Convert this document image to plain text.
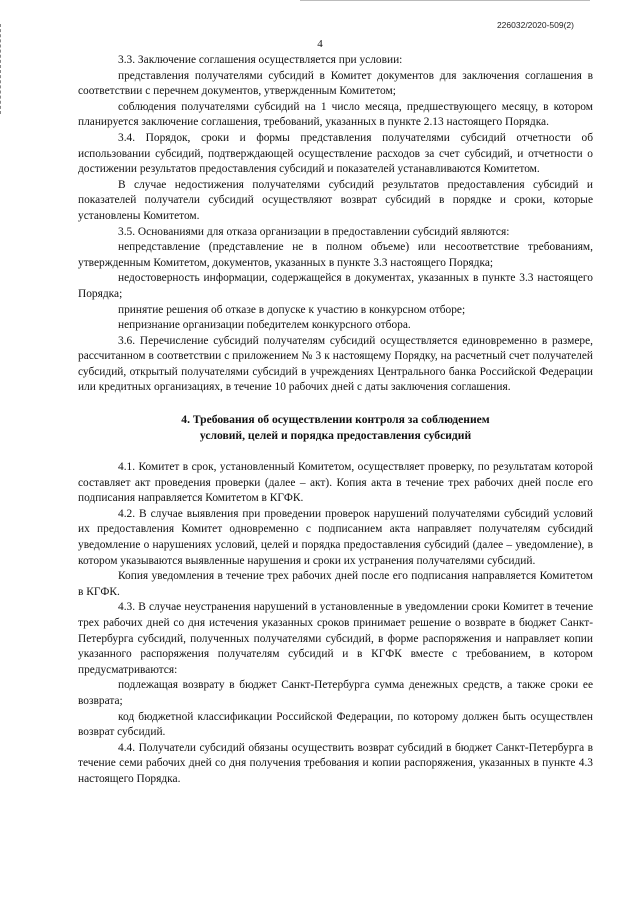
226032/2020-509(2)
4

3.3. Заключение соглашения осуществляется при условии:

представления получателями субсидий в Комитет документов для заключения соглашения в соответствии с перечнем документов, утвержденным Комитетом;

соблюдения получателями субсидий на 1 число месяца, предшествующего месяцу, в котором планируется заключение соглашения, требований, указанных в пункте 2.13 настоящего Порядка.

3.4. Порядок, сроки и формы представления получателями субсидий отчетности об использовании субсидий, подтверждающей осуществление расходов за счет субсидий, и отчетности о достижении результатов предоставления субсидий и показателей устанавливаются Комитетом.

В случае недостижения получателями субсидий результатов предоставления субсидий и показателей получатели субсидий осуществляют возврат субсидий в порядке и сроки, которые установлены Комитетом.

3.5. Основаниями для отказа организации в предоставлении субсидий являются:

непредставление (представление не в полном объеме) или несоответствие требованиям, утвержденным Комитетом, документов, указанных в пункте 3.3 настоящего Порядка;

недостоверность информации, содержащейся в документах, указанных в пункте 3.3 настоящего Порядка;

принятие решения об отказе в допуске к участию в конкурсном отборе;

непризнание организации победителем конкурсного отбора.

3.6. Перечисление субсидий получателям субсидий осуществляется единовременно в размере, рассчитанном в соответствии с приложением № 3 к настоящему Порядку, на расчетный счет получателей субсидий, открытый получателями субсидий в учреждениях Центрального банка Российской Федерации или кредитных организациях, в течение 10 рабочих дней с даты заключения соглашения.

4. Требования об осуществлении контроля за соблюдением
условий, целей и порядка предоставления субсидий

4.1. Комитет в срок, установленный Комитетом, осуществляет проверку, по результатам которой составляет акт проведения проверки (далее – акт). Копия акта в течение трех рабочих дней после его подписания направляется Комитетом в КГФК.

4.2. В случае выявления при проведении проверок нарушений получателями субсидий условий их предоставления Комитет одновременно с подписанием акта направляет получателям субсидий уведомление о нарушениях условий, целей и порядка предоставления субсидий (далее – уведомление), в котором указываются выявленные нарушения и сроки их устранения получателями субсидий.

Копия уведомления в течение трех рабочих дней после его подписания направляется Комитетом в КГФК.

4.3. В случае неустранения нарушений в установленные в уведомлении сроки Комитет в течение трех рабочих дней со дня истечения указанных сроков принимает решение о возврате в бюджет Санкт-Петербурга субсидий, полученных получателями субсидий, в форме распоряжения и направляет копии указанного распоряжения получателям субсидий и в КГФК вместе с требованием, в котором предусматриваются:

подлежащая возврату в бюджет Санкт-Петербурга сумма денежных средств, а также сроки ее возврата;

код бюджетной классификации Российской Федерации, по которому должен быть осуществлен возврат субсидий.

4.4. Получатели субсидий обязаны осуществить возврат субсидий в бюджет Санкт-Петербурга в течение семи рабочих дней со дня получения требования и копии распоряжения, указанных в пункте 4.3 настоящего Порядка.
